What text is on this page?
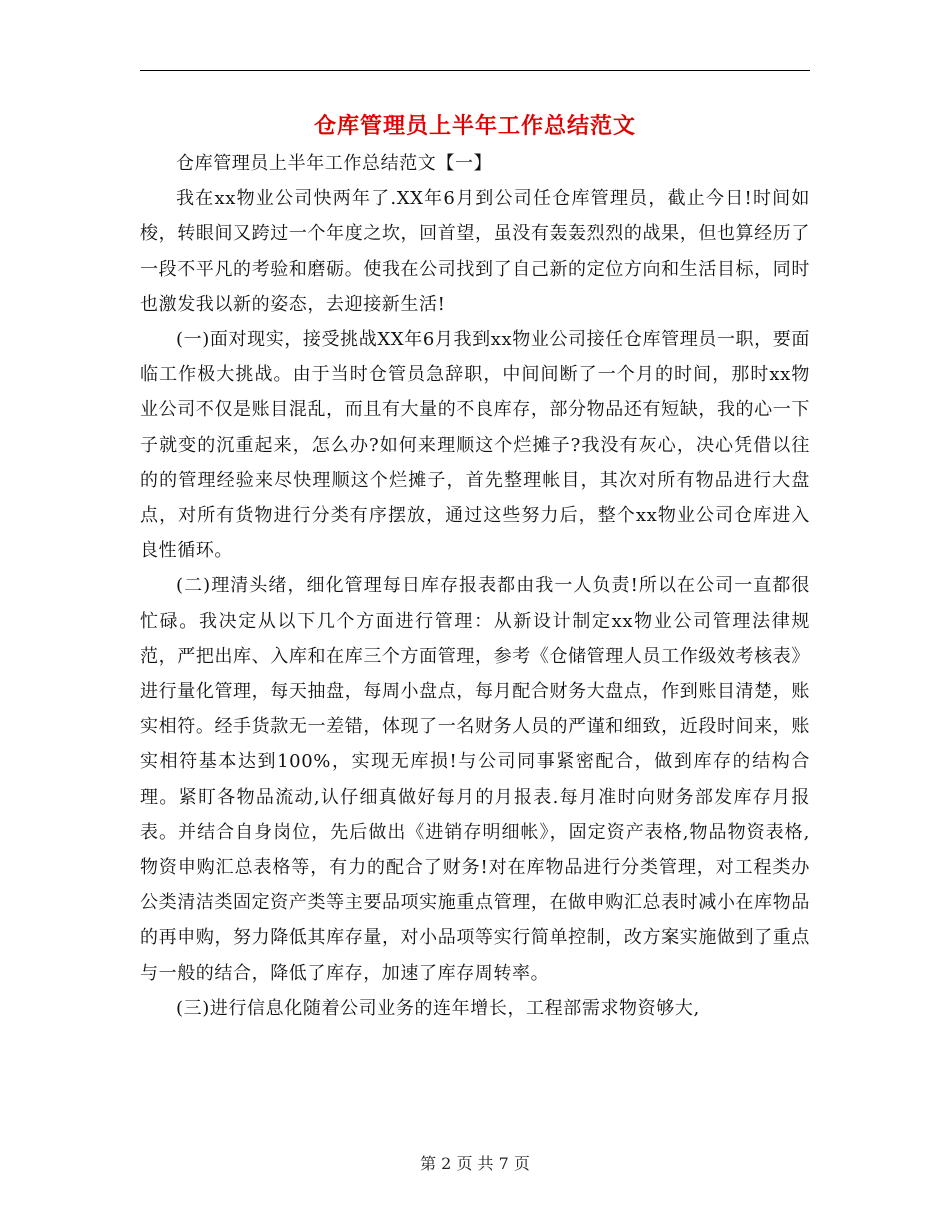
仓库管理员上半年工作总结范文

仓库管理员上半年工作总结范文【一】

我在xx物业公司快两年了.XX年6月到公司任仓库管理员，截止今日!时间如梭，转眼间又跨过一个年度之坎，回首望，虽没有轰轰烈烈的战果，但也算经历了一段不平凡的考验和磨砺。使我在公司找到了自己新的定位方向和生活目标，同时也激发我以新的姿态，去迎接新生活!

(一)面对现实，接受挑战XX年6月我到xx物业公司接任仓库管理员一职，要面临工作极大挑战。由于当时仓管员急辞职，中间间断了一个月的时间，那时xx物业公司不仅是账目混乱，而且有大量的不良库存，部分物品还有短缺，我的心一下子就变的沉重起来，怎么办?如何来理顺这个烂摊子?我没有灰心，决心凭借以往的的管理经验来尽快理顺这个烂摊子，首先整理帐目，其次对所有物品进行大盘点，对所有货物进行分类有序摆放，通过这些努力后，整个xx物业公司仓库进入良性循环。

(二)理清头绪，细化管理每日库存报表都由我一人负责!所以在公司一直都很忙碌。我决定从以下几个方面进行管理：从新设计制定xx物业公司管理法律规范，严把出库、入库和在库三个方面管理，参考《仓储管理人员工作级效考核表》进行量化管理，每天抽盘，每周小盘点，每月配合财务大盘点，作到账目清楚，账实相符。经手货款无一差错，体现了一名财务人员的严谨和细致，近段时间来，账实相符基本达到100%，实现无库损!与公司同事紧密配合，做到库存的结构合理。紧盯各物品流动,认仔细真做好每月的月报表.每月准时向财务部发库存月报表。并结合自身岗位，先后做出《进销存明细帐》，固定资产表格,物品物资表格,物资申购汇总表格等，有力的配合了财务!对在库物品进行分类管理，对工程类办公类清洁类固定资产类等主要品项实施重点管理，在做申购汇总表时减小在库物品的再申购，努力降低其库存量，对小品项等实行简单控制，改方案实施做到了重点与一般的结合，降低了库存，加速了库存周转率。

(三)进行信息化随着公司业务的连年增长，工程部需求物资够大,

第 2 页 共 7 页
